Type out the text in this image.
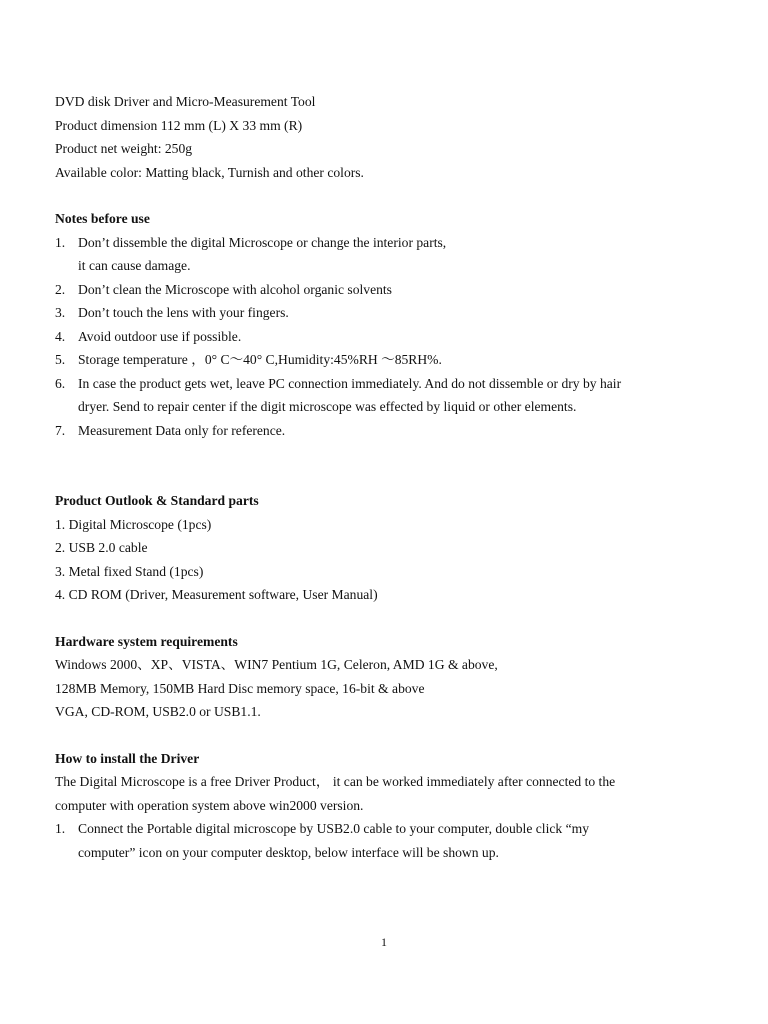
DVD disk Driver and Micro-Measurement Tool

Product dimension 112 mm (L) X 33 mm (R)

Product net weight: 250g

Available color: Matting black, Turnish and other colors.

Notes before use

1. Don’t dissemble the digital Microscope or change the interior parts,
it can cause damage.
2. Don’t clean the Microscope with alcohol organic solvents
3. Don’t touch the lens with your fingers.
4. Avoid outdoor use if possible.
5. Storage temperature ，0° C～40° C,Humidity:45%RH ～85RH%.
6. In case the product gets wet, leave PC connection immediately. And do not dissemble or dry by hair
dryer. Send to repair center if the digit microscope was effected by liquid or other elements.
7. Measurement Data only for reference.

Product Outlook & Standard parts

1. Digital Microscope (1pcs)

2. USB 2.0 cable

3. Metal fixed Stand (1pcs)

4. CD ROM (Driver, Measurement software, User Manual)

Hardware system requirements

Windows 2000、XP、VISTA、WIN7 Pentium 1G, Celeron, AMD 1G & above,

128MB Memory, 150MB Hard Disc memory space, 16-bit & above

VGA, CD-ROM, USB2.0 or USB1.1.

How to install the Driver

The Digital Microscope is a free Driver Product， it can be worked immediately after connected to the

computer with operation system above win2000 version.

1. Connect the Portable digital microscope by USB2.0 cable to your computer, double click “my
computer” icon on your computer desktop, below interface will be shown up.
1
